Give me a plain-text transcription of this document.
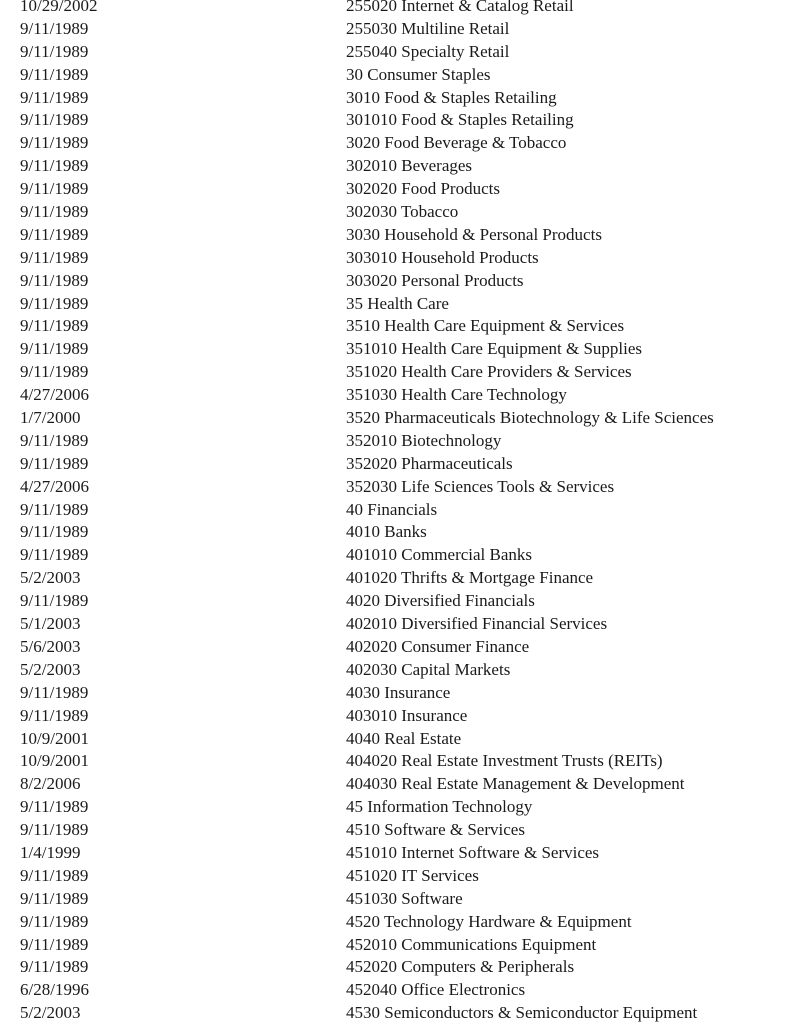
10/29/2002	255020 Internet & Catalog Retail
9/11/1989	255030 Multiline Retail
9/11/1989	255040 Specialty Retail
9/11/1989	30 Consumer Staples
9/11/1989	3010 Food & Staples Retailing
9/11/1989	301010 Food & Staples Retailing
9/11/1989	3020 Food Beverage & Tobacco
9/11/1989	302010 Beverages
9/11/1989	302020 Food Products
9/11/1989	302030 Tobacco
9/11/1989	3030 Household & Personal Products
9/11/1989	303010 Household Products
9/11/1989	303020 Personal Products
9/11/1989	35 Health Care
9/11/1989	3510 Health Care Equipment & Services
9/11/1989	351010 Health Care Equipment & Supplies
9/11/1989	351020 Health Care Providers & Services
4/27/2006	351030 Health Care Technology
1/7/2000	3520 Pharmaceuticals Biotechnology & Life Sciences
9/11/1989	352010 Biotechnology
9/11/1989	352020 Pharmaceuticals
4/27/2006	352030 Life Sciences Tools & Services
9/11/1989	40 Financials
9/11/1989	4010 Banks
9/11/1989	401010 Commercial Banks
5/2/2003	401020 Thrifts & Mortgage Finance
9/11/1989	4020 Diversified Financials
5/1/2003	402010 Diversified Financial Services
5/6/2003	402020 Consumer Finance
5/2/2003	402030 Capital Markets
9/11/1989	4030 Insurance
9/11/1989	403010 Insurance
10/9/2001	4040 Real Estate
10/9/2001	404020 Real Estate Investment Trusts (REITs)
8/2/2006	404030 Real Estate Management & Development
9/11/1989	45 Information Technology
9/11/1989	4510 Software & Services
1/4/1999	451010 Internet Software & Services
9/11/1989	451020 IT Services
9/11/1989	451030 Software
9/11/1989	4520 Technology Hardware & Equipment
9/11/1989	452010 Communications Equipment
9/11/1989	452020 Computers & Peripherals
6/28/1996	452040 Office Electronics
5/2/2003	4530 Semiconductors & Semiconductor Equipment
